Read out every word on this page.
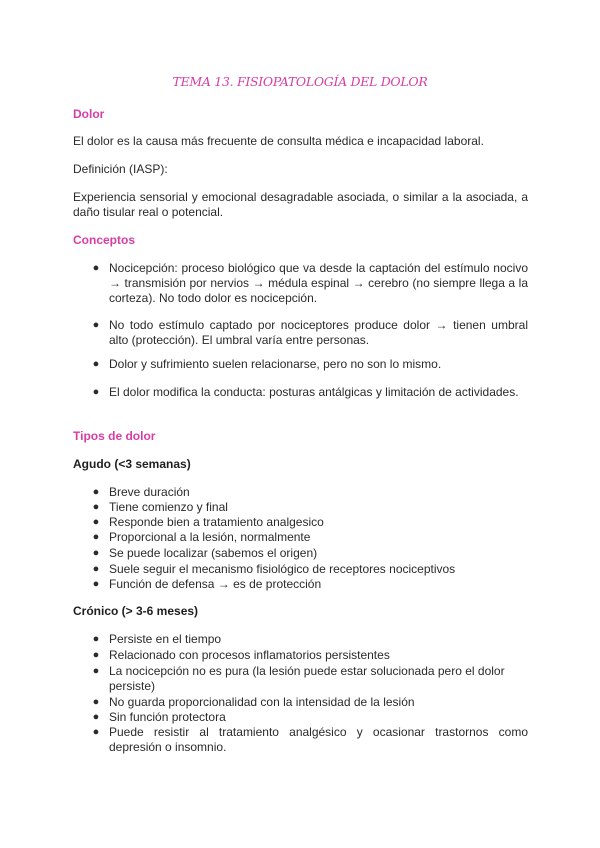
TEMA 13. FISIOPATOLOGÍA DEL DOLOR
Dolor
El dolor es la causa más frecuente de consulta médica e incapacidad laboral.
Definición (IASP):
Experiencia sensorial y emocional desagradable asociada, o similar a la asociada, a daño tisular real o potencial.
Conceptos
● Nocicepción: proceso biológico que va desde la captación del estímulo nocivo → transmisión por nervios → médula espinal → cerebro (no siempre llega a la corteza). No todo dolor es nocicepción.
● No todo estímulo captado por nociceptores produce dolor → tienen umbral alto (protección). El umbral varía entre personas.
● Dolor y sufrimiento suelen relacionarse, pero no son lo mismo.
● El dolor modifica la conducta: posturas antálgicas y limitación de actividades.
Tipos de dolor
Agudo (<3 semanas)
● Breve duración
● Tiene comienzo y final
● Responde bien a tratamiento analgesico
● Proporcional a la lesión, normalmente
● Se puede localizar (sabemos el origen)
● Suele seguir el mecanismo fisiológico de receptores nociceptivos
● Función de defensa → es de protección
Crónico (> 3-6 meses)
● Persiste en el tiempo
● Relacionado con procesos inflamatorios persistentes
● La nocicepción no es pura (la lesión puede estar solucionada pero el dolor persiste)
● No guarda proporcionalidad con la intensidad de la lesión
● Sin función protectora
● Puede resistir al tratamiento analgésico y ocasionar trastornos como depresión o insomnio.
